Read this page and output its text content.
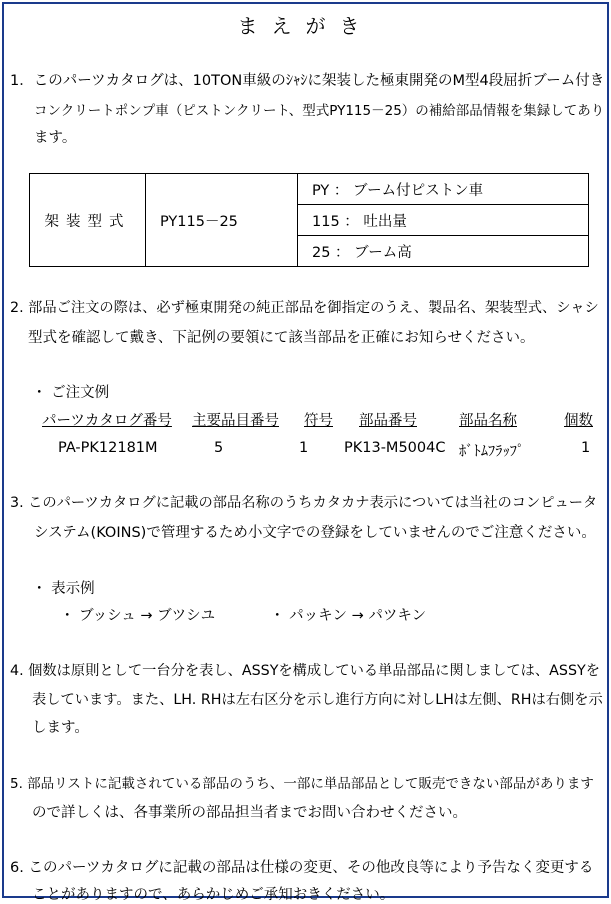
まえがき
1．このパーツカタログは、10TON車級のｼｬｼに架装した極東開発のM型4段屈折ブーム付き
コンクリートポンプ車（ピストンクリート、型式PY115－25）の補給部品情報を集録してあり
ます。
架装型式	PY115－25	PY ： ブーム付ピストン車
115 ： 吐出量
25 ： ブーム高
2. 部品ご注文の際は、必ず極東開発の純正部品を御指定のうえ、製品名、架装型式、シャシ
型式を確認して戴き、下記例の要領にて該当部品を正確にお知らせください。
・ ご注文例
パーツカタログ番号 主要品目番号 符号 部品番号	部品名称	個数
PA-PK12181M	5	1 PK13-M5004C ﾎﾞﾄﾑﾌﾗｯﾌﾟ	1
3. このパーツカタログに記載の部品名称のうちカタカナ表示については当社のコンピュータ
システム(KOINS)で管理するため小文字での登録をしていませんのでご注意ください。
・ 表示例
・ ブッシュ → ブツシユ	・ パッキン → パツキン
4. 個数は原則として一台分を表し、ASSYを構成している単品部品に関しましては、ASSYを
表しています。また、LH. RHは左右区分を示し進行方向に対しLHは左側、RHは右側を示
します。
5. 部品リストに記載されている部品のうち、一部に単品部品として販売できない部品があります
ので詳しくは、各事業所の部品担当者までお問い合わせください。
6. このパーツカタログに記載の部品は仕様の変更、その他改良等により予告なく変更する
ことがありますので、あらかじめご承知おきください。
